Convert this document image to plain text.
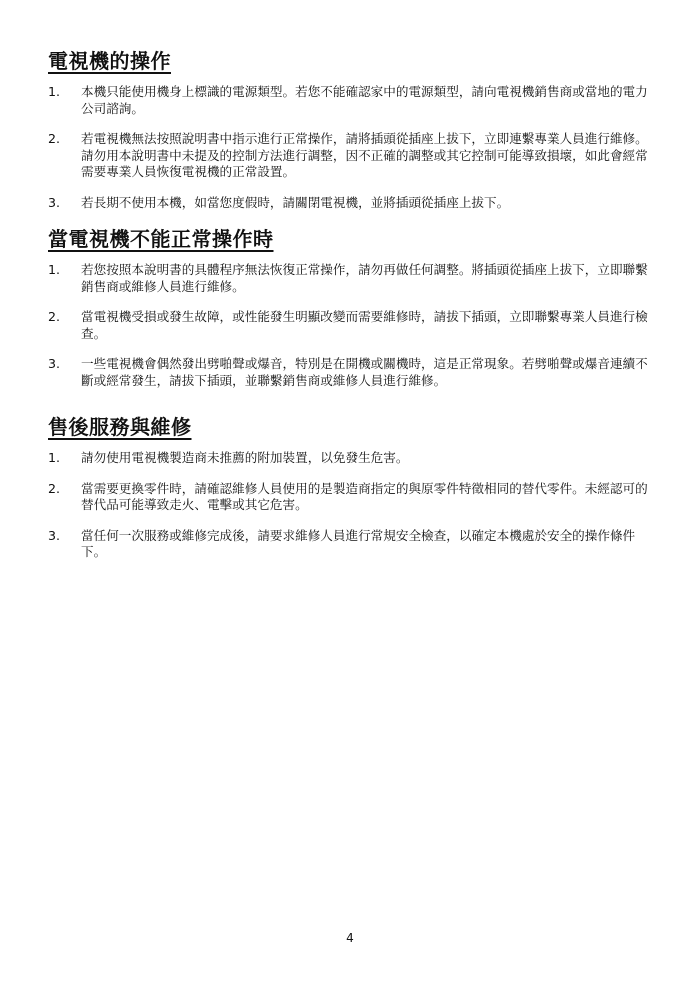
電視機的操作
1.	本機只能使用機身上標識的電源類型。若您不能確認家中的電源類型，請向電視機銷售商或當地的電力公司諮詢。
2.	若電視機無法按照說明書中指示進行正常操作，請將插頭從插座上拔下，立即連繫專業人員進行維修。請勿用本說明書中未提及的控制方法進行調整，因不正確的調整或其它控制可能導致損壞，如此會經常需要專業人員恢復電視機的正常設置。
3.	若長期不使用本機，如當您度假時，請關閉電視機，並將插頭從插座上拔下。
當電視機不能正常操作時
1.	若您按照本說明書的具體程序無法恢復正常操作，請勿再做任何調整。將插頭從插座上拔下，立即聯繫銷售商或維修人員進行維修。
2.	當電視機受損或發生故障，或性能發生明顯改變而需要維修時，請拔下插頭，立即聯繫專業人員進行檢查。
3.	一些電視機會偶然發出劈啪聲或爆音，特別是在開機或關機時，這是正常現象。若劈啪聲或爆音連續不斷或經常發生，請拔下插頭，並聯繫銷售商或維修人員進行維修。
售後服務與維修
1.	請勿使用電視機製造商未推薦的附加裝置，以免發生危害。
2.	當需要更換零件時，請確認維修人員使用的是製造商指定的與原零件特徵相同的替代零件。未經認可的替代品可能導致走火、電擊或其它危害。
3.	當任何一次服務或維修完成後，請要求維修人員進行常規安全檢查，以確定本機處於安全的操作條件下。
4
